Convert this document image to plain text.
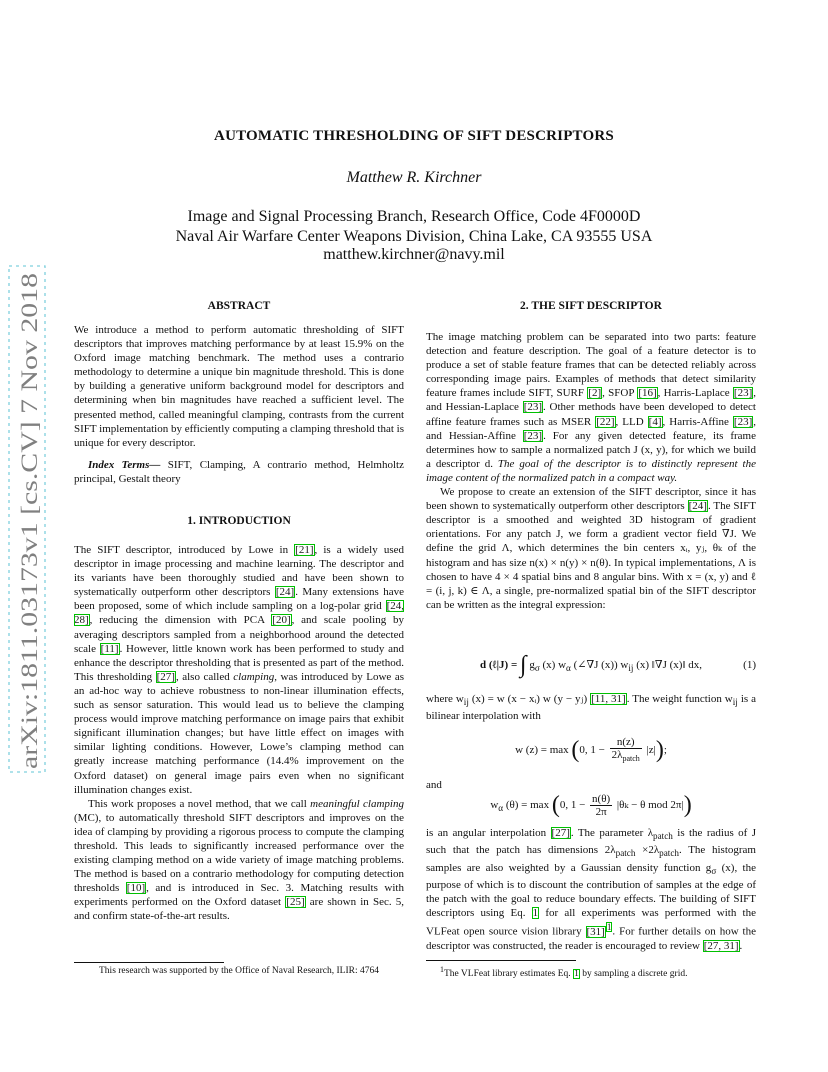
arXiv:1811.03173v1 [cs.CV] 7 Nov 2018
AUTOMATIC THRESHOLDING OF SIFT DESCRIPTORS
Matthew R. Kirchner
Image and Signal Processing Branch, Research Office, Code 4F0000D
Naval Air Warfare Center Weapons Division, China Lake, CA 93555 USA
matthew.kirchner@navy.mil
ABSTRACT

We introduce a method to perform automatic thresholding of SIFT descriptors that improves matching performance by at least 15.9% on the Oxford image matching benchmark. The method uses a contrario methodology to determine a unique bin magnitude threshold. This is done by building a generative uniform background model for descriptors and determining when bin magnitudes have reached a sufficient level. The presented method, called meaningful clamping, contrasts from the current SIFT implementation by efficiently computing a clamping threshold that is unique for every descriptor.

Index Terms— SIFT, Clamping, A contrario method, Helmholtz principal, Gestalt theory

1. INTRODUCTION

The SIFT descriptor, introduced by Lowe in [21], is a widely used descriptor in image processing and machine learning. The descriptor and its variants have been thoroughly studied and have been shown to systematically outperform other descriptors [24]. Many extensions have been proposed, some of which include sampling on a log-polar grid [24, 28], reducing the dimension with PCA [20], and scale pooling by averaging descriptors sampled from a neighborhood around the detected scale [11]. However, little known work has been performed to study and enhance the descriptor thresholding that is presented as part of the method. This thresholding [27], also called clamping, was introduced by Lowe as an ad-hoc way to achieve robustness to non-linear illumination effects, such as sensor saturation. This would lead us to believe the clamping process would improve matching performance on image pairs that exhibit significant illumination changes; but have little effect on images with similar lighting conditions. However, Lowe’s clamping method can greatly increase matching performance (14.4% improvement on the Oxford dataset) on general image pairs even when no significant illumination changes exist.

This work proposes a novel method, that we call meaningful clamping (MC), to automatically threshold SIFT descriptors and improves on the idea of clamping by providing a rigorous process to compute the clamping threshold. This leads to significantly increased performance over the existing clamping method on a wide variety of image matching problems. The method is based on a contrario methodology for computing detection thresholds [10], and is introduced in Sec. 3. Matching results with experiments performed on the Oxford dataset [25] are shown in Sec. 5, and confirm state-of-the-art results.

This research was supported by the Office of Naval Research, ILIR: 4764
2. THE SIFT DESCRIPTOR

The image matching problem can be separated into two parts: feature detection and feature description. The goal of a feature detector is to produce a set of stable feature frames that can be detected reliably across corresponding image pairs. Examples of methods that detect similarity feature frames include SIFT, SURF [2], SFOP [16], Harris-Laplace [23], and Hessian-Laplace [23]. Other methods have been developed to detect affine feature frames such as MSER [22], LLD [4], Harris-Affine [23], and Hessian-Affine [23]. For any given detected feature, its frame determines how to sample a normalized patch J (x, y), for which we build a descriptor d. The goal of the descriptor is to distinctly represent the image content of the normalized patch in a compact way.

We propose to create an extension of the SIFT descriptor, since it has been shown to systematically outperform other descriptors [24]. The SIFT descriptor is a smoothed and weighted 3D histogram of gradient orientations. For any patch J, we form a gradient vector field ∇J. We define the grid Λ, which determines the bin centers xᵢ, yⱼ, θₖ of the histogram and has size n(x) × n(y) × n(θ). In typical implementations, Λ is chosen to have 4 × 4 spatial bins and 8 angular bins. With x = (x, y) and ℓ = (i, j, k) ∈ Λ, a single, pre-normalized spatial bin of the SIFT descriptor can be written as the integral expression:

d (ℓ|J) = ∫ $g_\sigma$ (x) $w_\alpha$ (∠∇J (x)) $w_{ij}$ (x) ‖∇J (x)‖ dx,	(1)

where $w_{ij}$ (x) = w (x − xᵢ) w (y − yⱼ) [11, 31]. The weight function $w_{ij}$ is a bilinear interpolation with

w (z) = max (0, $1 - \frac{n(z)}{2\lambda_{patch}} |z|$);
and
$w_\alpha$ (θ) = max (0, $1 - \frac{n(\theta)}{2\pi} |\theta_k - \theta$ mod 2π|)

is an angular interpolation [27]. The parameter $\lambda_{patch}$ is the radius of J such that the patch has dimensions $2\lambda_{patch} \times 2\lambda_{patch}$. The histogram samples are also weighted by a Gaussian density function $g_\sigma$ (x), the purpose of which is to discount the contribution of samples at the edge of the patch with the goal to reduce boundary effects. The building of SIFT descriptors using Eq. 1 for all experiments was performed with the VLFeat open source vision library [31] $^1$. For further details on how the descriptor was constructed, the reader is encouraged to review [27, 31].

$^1$The VLFeat library estimates Eq. 1 by sampling a discrete grid.
